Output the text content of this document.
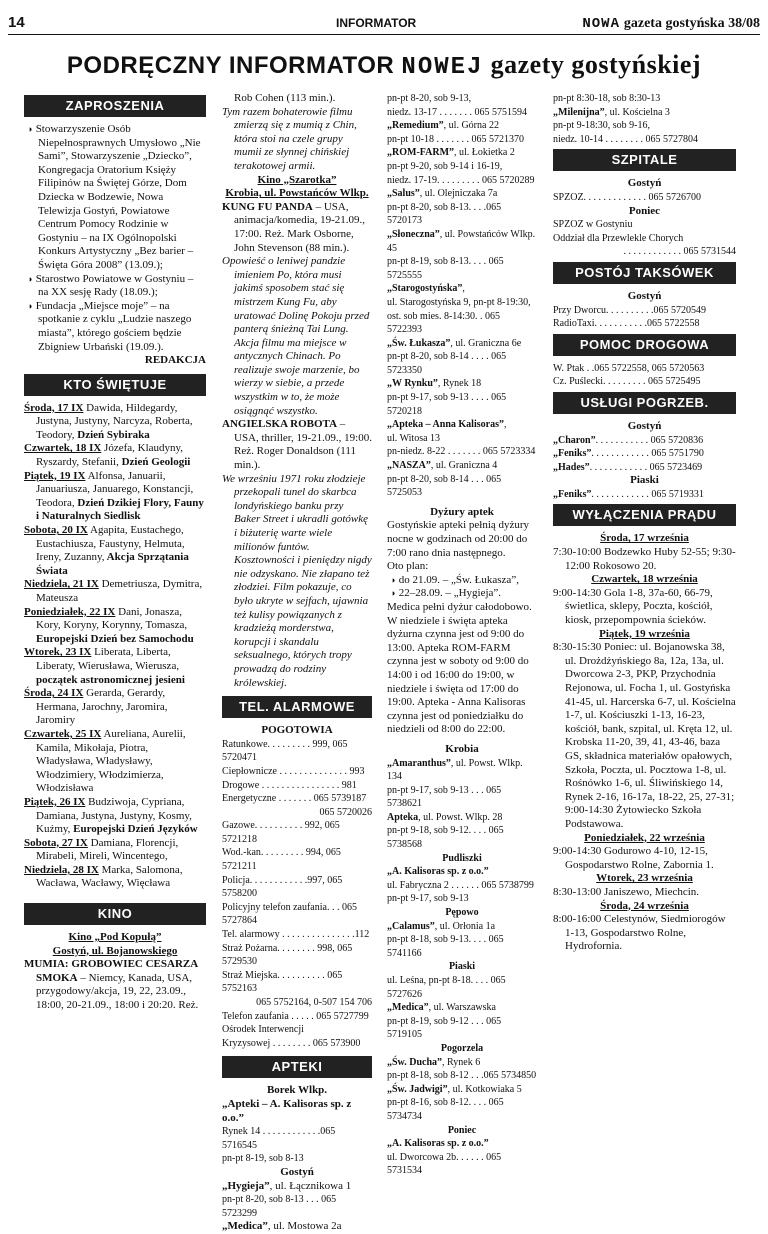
14	INFORMATOR	NOWA gazeta gostyńska 38/08
PODRĘCZNY INFORMATOR NOWEJ gazety gostyńskiej
ZAPROSZENIA

◗ Stowarzyszenie Osób Niepełnosprawnych Umysłowo „Nie Sami”, Stowarzyszenie „Dziecko”, Kongregacja Oratorium Księży Filipinów na Świętej Górze, Dom Dziecka w Bodzewie, Nowa Telewizja Gostyń, Powiatowe Centrum Pomocy Rodzinie w Gostyniu – na IX Ogólnopolski Konkurs Artystyczny „Bez barier – Święta Góra 2008” (13.09.);

◗ Starostwo Powiatowe w Gostyniu – na XX sesję Rady (18.09.);

◗ Fundacja „Miejsce moje” – na spotkanie z cyklu „Ludzie naszego miasta”, którego gościem będzie Zbigniew Urbański (19.09.).

REDAKCJA

KTO ŚWIĘTUJE

Środa, 17 IX Dawida, Hildegardy, Justyna, Justyny, Narcyza, Roberta, Teodory, Dzień Sybiraka

Czwartek, 18 IX Józefa, Klaudyny, Ryszardy, Stefanii, Dzień Geologii

Piątek, 19 IX Alfonsa, Januarii, Januariusza, Januarego, Konstancji, Teodora, Dzień Dzikiej Flory, Fauny i Naturalnych Siedlisk

Sobota, 20 IX Agapita, Eustachego, Eustachiusza, Faustyny, Helmuta, Ireny, Zuzanny, Akcja Sprzątania Świata

Niedziela, 21 IX Demetriusza, Dymitra, Mateusza

Poniedziałek, 22 IX Dani, Jonasza, Kory, Koryny, Korynny, Tomasza, Europejski Dzień bez Samochodu

Wtorek, 23 IX Liberata, Liberta, Liberaty, Wierusława, Wierusza, początek astronomicznej jesieni

Środa, 24 IX Gerarda, Gerardy, Hermana, Jarochny, Jaromira, Jaromiry

Czwartek, 25 IX Aureliana, Aurelii, Kamila, Mikołaja, Piotra, Władysława, Władysławy, Włodzimiery, Włodzimierza, Włodzisława

Piątek, 26 IX Budziwoja, Cypriana, Damiana, Justyna, Justyny, Kosmy, Kuźmy, Europejski Dzień Języków

Sobota, 27 IX Damiana, Florencji, Mirabeli, Mireli, Wincentego,

Niedziela, 28 IX Marka, Salomona, Wacława, Wacławy, Więcława

KINO

Kino „Pod Kopułą”

Gostyń, ul. Bojanowskiego

MUMIA: GROBOWIEC CESARZA SMOKA – Niemcy, Kanada, USA, przygodowy/akcja, 19, 22, 23.09., 18:00, 20-21.09., 18:00 i 20:20. Reż.

Rob Cohen (113 min.).

Tym razem bohaterowie filmu zmierzą się z mumią z Chin, która stoi na czele grupy mumii ze słynnej chińskiej terakotowej armii.

Kino „Szarotka”

Krobia, ul. Powstańców Wlkp.

KUNG FU PANDA – USA, animacja/komedia, 19-21.09., 17:00. Reż. Mark Osborne, John Stevenson (88 min.).

Opowieść o leniwej pandzie imieniem Po, która musi jakimś sposobem stać się mistrzem Kung Fu, aby uratować Dolinę Pokoju przed panterą śnieżną Tai Lung. Akcja filmu ma miejsce w antycznych Chinach. Po realizuje swoje marzenie, bo wierzy w siebie, a przede wszystkim w to, że może osiągnąć wszystko.

ANGIELSKA ROBOTA – USA, thriller, 19-21.09., 19:00. Reż. Roger Donaldson (111 min.).

We wrześniu 1971 roku złodzieje przekopali tunel do skarbca londyńskiego banku przy Baker Street i ukradli gotówkę i biżuterię warte wiele milionów funtów. Kosztowności i pieniędzy nigdy nie odzyskano. Nie złapano też złodziei. Film pokazuje, co było ukryte w sejfach, ujawnia też kulisy powiązanych z kradzieżą morderstwa, korupcji i skandalu seksualnego, których tropy prowadzą do rodziny królewskiej.

TEL. ALARMOWE

POGOTOWIA

Ratunkowe. . . . . . . . . 999, 065 5720471

Ciepłownicze . . . . . . . . . . . . . . 993

Drogowe . . . . . . . . . . . . . . . . 981

Energetyczne . . . . . . . 065 5739187

065 5720026

Gazowe. . . . . . . . . . 992, 065 5721218

Wod.-kan. . . . . . . . . 994, 065 5721211

Policja. . . . . . . . . . . .997, 065 5758200

Policyjny telefon zaufania. . . 065 5727864

Tel. alarmowy . . . . . . . . . . . . . . .112

Straż Pożarna. . . . . . . . 998, 065 5729530

Straż Miejska. . . . . . . . . . 065 5752163

065 5752164, 0-507 154 706

Telefon zaufania . . . . . 065 5727799

Ośrodek Interwencji

Kryzysowej . . . . . . . . 065 573900

APTEKI

Borek Wlkp.

„Apteki – A. Kalisoras sp. z o.o.”

Rynek 14 . . . . . . . . . . . .065 5716545

pn-pt 8-19, sob 8-13

Gostyń

„Hygieja”, ul. Łącznikowa 1

pn-pt 8-20, sob 8-13 . . . 065 5723299

„Medica”, ul. Mostowa 2a

pn-pt 8-20, sob 9-13,

niedz. 13-17 . . . . . . . 065 5751594

„Remedium”, ul. Górna 22

pn-pt 10-18 . . . . . . . 065 5721370

„ROM-FARM”, ul. Łokietka 2

pn-pt 9-20, sob 9-14 i 16-19,

niedz. 17-19. . . . . . . . . 065 5720289

„Salus”, ul. Olejniczaka 7a

pn-pt 8-20, sob 8-13. . . .065 5720173

„Słoneczna”, ul. Powstańców Wlkp. 45

pn-pt 8-19, sob 8-13. . . . 065 5725555

„Starogostyńska”,

ul. Starogostyńska 9, pn-pt 8-19:30,

ost. sob mies. 8-14:30. . 065 5722393

„Św. Łukasza”, ul. Graniczna 6e

pn-pt 8-20, sob 8-14 . . . . 065 5723350

„W Rynku”, Rynek 18

pn-pt 9-17, sob 9-13 . . . . 065 5720218

„Apteka – Anna Kalisoras”,

ul. Witosa 13

pn-niedz. 8-22 . . . . . . . 065 5723334

„NASZA”, ul. Graniczna 4

pn-pt 8-20, sob 8-14 . . . 065 5725053

Dyżury aptek

Gostyńskie apteki pełnią dyżury nocne w godzinach od 20:00 do 7:00 rano dnia następnego.

Oto plan:

◗ do 21.09. – „Św. Łukasza”,

◗ 22–28.09. – „Hygieja”.

Medica pełni dyżur całodobowo. W niedziele i święta apteka dyżurna czynna jest od 9:00 do 13:00. Apteka ROM-FARM czynna jest w soboty od 9:00 do 14:00 i od 16:00 do 19:00, w niedziele i święta od 17:00 do 19:00. Apteka - Anna Kalisoras czynna jest od poniedziałku do niedzieli od 8:00 do 22:00.

Krobia

„Amaranthus”, ul. Powst. Wlkp. 134

pn-pt 9-17, sob 9-13 . . . 065 5738621

Apteka, ul. Powst. Wlkp. 28

pn-pt 9-18, sob 9-12. . . . 065 5738568

Pudliszki

„A. Kalisoras sp. z o.o.”

ul. Fabryczna 2 . . . . . . 065 5738799

pn-pt 9-17, sob 9-13

Pępowo

„Calamus”, ul. Orłonia 1a

pn-pt 8-18, sob 9-13. . . . 065 5741166

Piaski

ul. Leśna, pn-pt 8-18. . . . 065 5727626

„Medica”, ul. Warszawska

pn-pt 8-19, sob 9-12 . . . 065 5719105

Pogorzela

„Św. Ducha”, Rynek 6

pn-pt 8-18, sob 8-12 . . .065 5734850

„Św. Jadwigi”, ul. Kotkowiaka 5

pn-pt 8-16, sob 8-12. . . . 065 5734734

Poniec

„A. Kalisoras sp. z o.o.”

ul. Dworcowa 2b. . . . . . 065 5731534

pn-pt 8:30-18, sob 8:30-13

„Milenijna”, ul. Kościelna 3

pn-pt 9-18:30, sob 9-16,

niedz. 10-14 . . . . . . . . 065 5727804

SZPITALE

Gostyń

SPZOZ. . . . . . . . . . . . . 065 5726700

Poniec

SPZOZ w Gostyniu

Oddział dla Przewlekle Chorych

. . . . . . . . . . . . 065 5731544

POSTÓJ TAKSÓWEK

Gostyń

Przy Dworcu. . . . . . . . . .065 5720549

RadioTaxi. . . . . . . . . . .065 5722558

POMOC DROGOWA

W. Ptak . .065 5722558, 065 5720563

Cz. Puślecki. . . . . . . . . 065 5725495

USŁUGI POGRZEB.

Gostyń

„Charon”. . . . . . . . . . . 065 5720836

„Feniks”. . . . . . . . . . . . 065 5751790

„Hades”. . . . . . . . . . . . 065 5723469

Piaski

„Feniks”. . . . . . . . . . . . 065 5719331

WYŁĄCZENIA PRĄDU

Środa, 17 września

7:30-10:00 Bodzewko Huby 52-55; 9:30-12:00 Rokosowo 20.

Czwartek, 18 września

9:00-14:30 Gola 1-8, 37a-60, 66-79, świetlica, sklepy, Poczta, kościół, kiosk, przepompownia ścieków.

Piątek, 19 września

8:30-15:30 Poniec: ul. Bojanowska 38, ul. Drożdżyńskiego 8a, 12a, 13a, ul. Dworcowa 2-3, PKP, Przychodnia Rejonowa, ul. Focha 1, ul. Gostyńska 41-45, ul. Harcerska 6-7, ul. Kościelna 1-7, ul. Kościuszki 1-13, 16-23, kościół, bank, szpital, ul. Kręta 12, ul. Krobska 11-20, 39, 41, 43-46, baza GS, składnica materiałów opałowych, Szkoła, Poczta, ul. Pocztowa 1-8, ul. Rośnówko 1-6, ul. Śliwińskiego 14, Rynek 2-16, 16-17a, 18-22, 25, 27-31; 9:00-14:30 Żytowiecko Szkoła Podstawowa.

Poniedziałek, 22 września

9:00-14:30 Godurowo 4-10, 12-15, Gospodarstwo Rolne, Zabornia 1.

Wtorek, 23 września

8:30-13:00 Janiszewo, Miechcin.

Środa, 24 września

8:00-16:00 Celestynów, Siedmiorogów 1-13, Gospodarstwo Rolne, Hydrofornia.
